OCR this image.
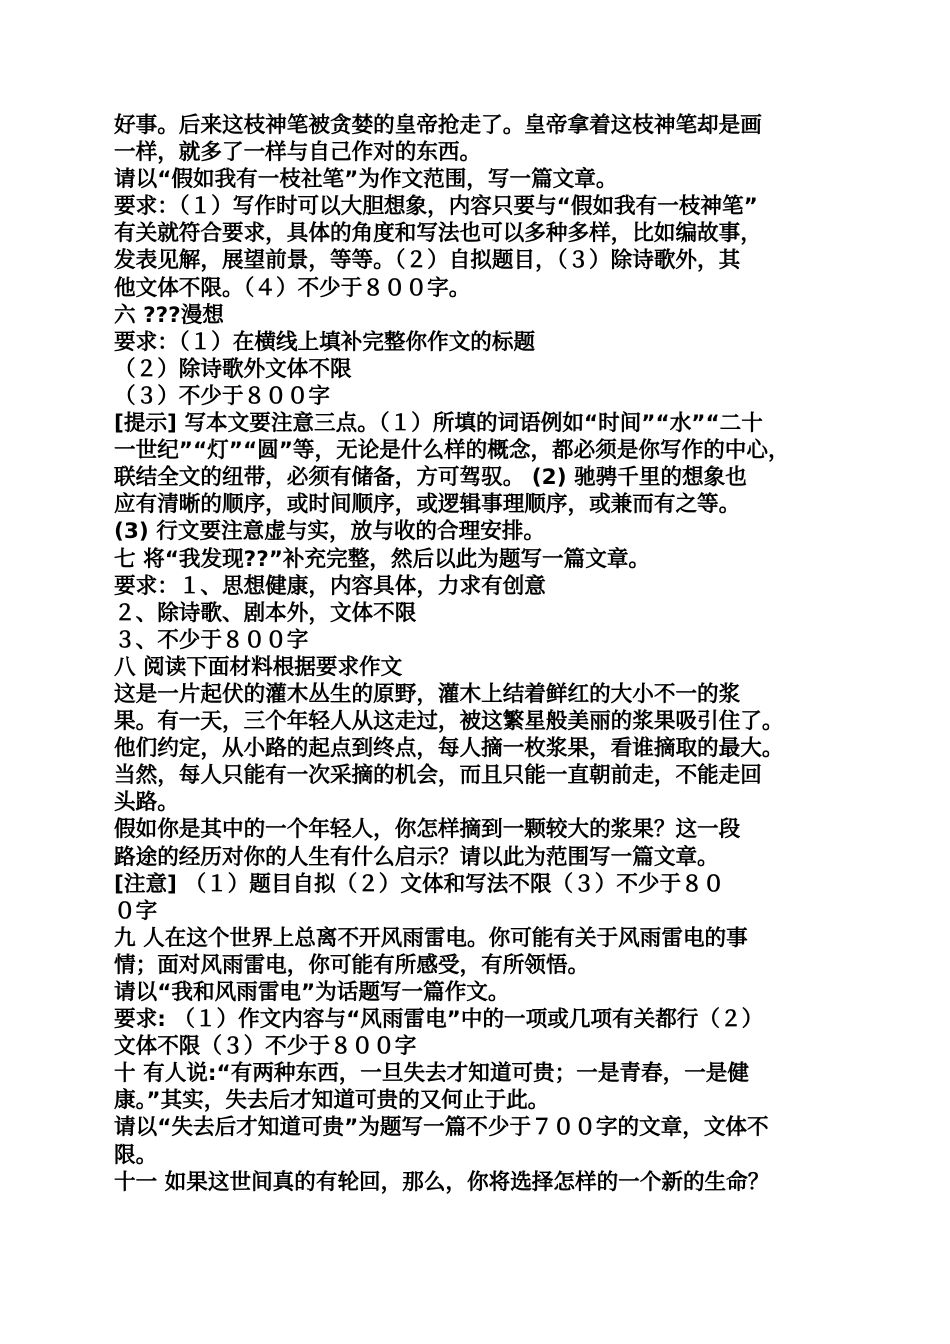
好事。后来这枝神笔被贪婪的皇帝抢走了。皇帝拿着这枝神笔却是画
一样，就多了一样与自己作对的东西。
请以“假如我有一枝社笔”为作文范围，写一篇文章。
要求：（１）写作时可以大胆想象，内容只要与“假如我有一枝神笔”
有关就符合要求，具体的角度和写法也可以多种多样，比如编故事，
发表见解，展望前景，等等。（２）自拟题目，（３）除诗歌外，其
他文体不限。（４）不少于８００字。
六 ???漫想
要求：（１）在横线上填补完整你作文的标题
（２）除诗歌外文体不限
（３）不少于８００字
[提示] 写本文要注意三点。（１）所填的词语例如“时间”“水”“二十
一世纪”“灯”“圆”等，无论是什么样的概念，都必须是你写作的中心，
联结全文的纽带，必须有储备，方可驾驭。 (2) 驰骋千里的想象也
应有清晰的顺序，或时间顺序，或逻辑事理顺序，或兼而有之等。
(3) 行文要注意虚与实，放与收的合理安排。
七 将“我发现??”补充完整，然后以此为题写一篇文章。
要求：１、思想健康，内容具体，力求有创意
２、除诗歌、剧本外，文体不限
３、不少于８００字
八 阅读下面材料根据要求作文
这是一片起伏的灌木丛生的原野，灌木上结着鲜红的大小不一的浆
果。有一天，三个年轻人从这走过，被这繁星般美丽的浆果吸引住了。
他们约定，从小路的起点到终点，每人摘一枚浆果，看谁摘取的最大。
当然，每人只能有一次采摘的机会，而且只能一直朝前走，不能走回
头路。
假如你是其中的一个年轻人，你怎样摘到一颗较大的浆果？这一段
路途的经历对你的人生有什么启示？请以此为范围写一篇文章。
[注意] （１）题目自拟（２）文体和写法不限（３）不少于８０
０字
九 人在这个世界上总离不开风雨雷电。你可能有关于风雨雷电的事
情；面对风雨雷电，你可能有所感受，有所领悟。
请以“我和风雨雷电”为话题写一篇作文。
要求: （１）作文内容与“风雨雷电”中的一项或几项有关都行（２）
文体不限（３）不少于８００字
十 有人说:“有两种东西，一旦失去才知道可贵；一是青春，一是健
康。”其实，失去后才知道可贵的又何止于此。
请以“失去后才知道可贵”为题写一篇不少于７００字的文章，文体不
限。
十一 如果这世间真的有轮回，那么，你将选择怎样的一个新的生命？
